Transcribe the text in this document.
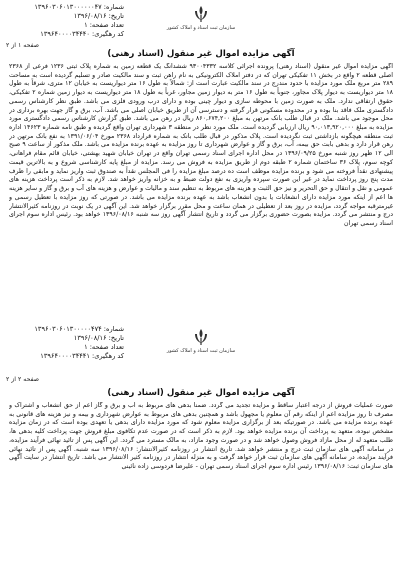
شماره: ۱۳۹۶۰۳۰۶۰۱۳۰۰۰۰۰۰۴۷
تاریخ: ۱۳۹۶/۰۸/۱۶
تعداد صفحه: ۱
کد رهگیری: ۱۳۹۶۴۰۰۰۰۳۴۴۴۰
سازمان ثبت اسناد و املاک کشور
صفحه ۱ از ۲
آگهی مزایده اموال غیر منقول (اسناد رهنی)

آگهی مزایده اموال غیر منقول (اسناد رهنی) پرونده اجرائی کلاسه ۹۳۰۰۴۳۳۲ ششدانگ یک قطعه زمین به شماره پلاک ثبتی ۱۲۳۶ فرعی از ۲۳۶۸ اصلی قطعه ۲ واقع در بخش ۱۱ تفکیکی تهران که در دفتر املاک الکترونیکی به نام راهن ثبت و سند مالکیت صادر و تسلیم گردیده است به مساحت ۲۸۹ متر مربع ملک مورد مزایده با حدود مندرج در سند مالکیت عبارت است از: شمالاً به طول ۱۶ متر دیواریست به خیابان ۱۲ متری، شرقاً به طول ۱۸ متر دیواریست به دیوار پلاک مجاور، جنوباً به طول ۱۶ متر به دیوار زمین مجاور، غرباً به طول ۱۸ متر دیواریست به دیوار زمین شماره ۲ تفکیکی، حقوق ارتفاقی ندارد. ملک به صورت زمین با محوطه سازی و دیوار چینی بوده و دارای درب ورودی فلزی می باشد. طبق نظر کارشناس رسمی دادگستری ملک فاقد بنا بوده و در محدوده مسکونی قرار گرفته و دسترسی آن از طریق خیابان اصلی می باشد. آب، برق و گاز جهت بهره برداری در محل موجود می باشد. ملک در قبال طلب بانک مرتهن به مبلغ ۸۶۰,۶۷۴,۲۰۰ ریال در رهن می باشد. طبق گزارش کارشناس رسمی دادگستری مورد مزایده به مبلغ ۹۰,۰۱۳,۹۲۰,۰۰۰ ریال ارزیابی گردیده است. ملک مورد نظر در منطقه ۳ شهرداری تهران واقع گردیده و طبق نامه شماره ۱۴۶۲۳ اداره ثبت منطقه هیچگونه بازداشتی ثبت نگردیده است. پلاک مذکور در قبال طلب بانک به شماره قرارداد ۲۳۶۸ مورخ ۱۳۹۱/۰۶/۰۴ به نفع بانک مرتهن در رهن قرار دارد و بدهی بابت حق بیمه، آب، برق و گاز و عوارض شهرداری تا روز مزایده به عهده برنده مزایده می باشد. ملک مذکور از ساعت ۹ صبح الی ۱۲ ظهر روز شنبه مورخ ۱۳۹۶/۰۹/۲۵ در محل اداره اجرای اسناد رسمی تهران واقع در تهران خیابان شهید بهشتی، خیابان قائم مقام فراهانی، کوچه سوم، پلاک ۳۶ ساختمان شماره ۲ طبقه دوم از طریق مزایده به فروش می رسد. مزایده از مبلغ پایه کارشناسی شروع و به بالاترین قیمت پیشنهادی نقداً فروخته می شود و برنده مزایده موظف است ده درصد مبلغ مزایده را فی المجلس نقداً به صندوق ثبت واریز نماید و مابقی را ظرف مدت پنج روز پرداخت نماید در غیر این صورت سپرده واریزی به نفع دولت ضبط و به خزانه واریز خواهد شد. لازم به ذکر است پرداخت هزینه های عمومی و نقل و انتقال و حق التحریر و نیز حق الثبت و هزینه های مربوط به تنظیم سند و مالیات و عوارض و هزینه های آب و برق و گاز و سایر هزینه ها اعم از اینکه مورد مزایده دارای انشعابات یا بدون انشعاب باشد به عهده برنده مزایده می باشد. در صورتی که روز مزایده با تعطیل رسمی و غیرمترقبه مواجه گردد، مزایده در روز بعد از تعطیلی در همان ساعت و محل مقرر برگزار خواهد شد. این آگهی در یک نوبت در روزنامه کثیرالانتشار درج و منتشر می گردد. مزایده بصورت حضوری برگزار می گردد و تاریخ انتشار آگهی روز سه شنبه ۱۳۹۶/۰۸/۱۶ خواهد بود. رئیس اداره سوم اجرای اسناد رسمی تهران

شماره: ۱۳۹۶۰۳۰۶۰۱۳۰۰۰۰۰۴۷۴
تاریخ: ۱۳۹۶/۰۸/۱۶
تعداد صفحه: ۱
کد رهگیری: ۱۳۹۶۴۰۰۰۰۳۴۴۴۱
سازمان ثبت اسناد و املاک کشور
صفحه ۲ از ۲
آگهی مزایده اموال غیر منقول (اسناد رهنی)

صورت عملیات فروش از درجه اعتبار ساقط و مزایده تجدید می گردد. ضمناً بدهی های مربوط به آب و برق و گاز اعم از حق انشعاب و اشتراک و مصرف تا روز مزایده اعم از اینکه رقم آن معلوم یا مجهول باشد و همچنین بدهی های مربوط به عوارض شهرداری و بیمه و نیز هزینه های قانونی به عهده برنده مزایده می باشد. در صورتیکه بعد از برگزاری مزایده معلوم شود که مورد مزایده دارای بدهی یا تعهدی بوده است که در زمان مزایده مشخص نبوده، متعهد به پرداخت آن برنده مزایده خواهد بود. لازم به ذکر است که در صورت عدم تکافوی مبلغ فروش جهت پرداخت کلیه بدهی ها، طلب متعهد له از محل مازاد فروش وصول خواهد شد و در صورت وجود مازاد، به مالک مسترد می گردد. این آگهی پس از تائید نهائی فرآیند مزایده، در سامانه آگهی های سازمان ثبت درج و منتشر خواهد شد. تاریخ انتشار در روزنامه کثیرالانتشار: ۱۳۹۶/۰۸/۱۶ سه شنبه. آگهی پس از تائید نهائی فرآیند مزایده، در سامانه آگهی های سازمان ثبت قرار خواهد گرفت و به منزله انتشار در روزنامه کثیر الانتشار می باشد. تاریخ انتشار در سایت آگهی های سازمان ثبت: ۱۳۹۶/۰۸/۱۶ رئیس اداره سوم اجرای اسناد رسمی تهران - علیرضا فردوسی زاده نائینی
